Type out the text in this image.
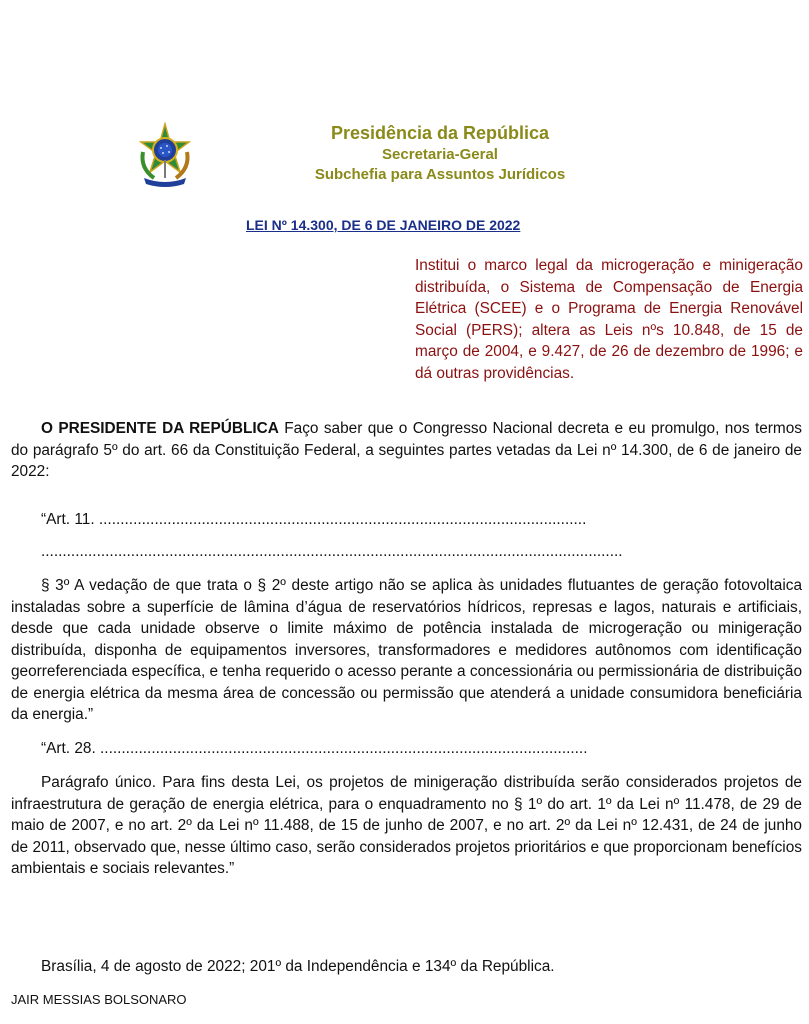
Presidência da República
Secretaria-Geral
Subchefia para Assuntos Jurídicos
LEI Nº 14.300, DE 6 DE JANEIRO DE 2022
Institui o marco legal da microgeração e minigeração distribuída, o Sistema de Compensação de Energia Elétrica (SCEE) e o Programa de Energia Renovável Social (PERS); altera as Leis nºs 10.848, de 15 de março de 2004, e 9.427, de 26 de dezembro de 1996; e dá outras providências.
O PRESIDENTE DA REPÚBLICA Faço saber que o Congresso Nacional decreta e eu promulgo, nos termos do parágrafo 5º do art. 66 da Constituição Federal, a seguintes partes vetadas da Lei nº 14.300, de 6 de janeiro de 2022:
“Art. 11. ..................................................................................................................
........................................................................................................................................
§ 3º A vedação de que trata o § 2º deste artigo não se aplica às unidades flutuantes de geração fotovoltaica instaladas sobre a superfície de lâmina d’água de reservatórios hídricos, represas e lagos, naturais e artificiais, desde que cada unidade observe o limite máximo de potência instalada de microgeração ou minigeração distribuída, disponha de equipamentos inversores, transformadores e medidores autônomos com identificação georreferenciada específica, e tenha requerido o acesso perante a concessionária ou permissionária de distribuição de energia elétrica da mesma área de concessão ou permissão que atenderá a unidade consumidora beneficiária da energia.”
“Art. 28. ..................................................................................................................
Parágrafo único. Para fins desta Lei, os projetos de minigeração distribuída serão considerados projetos de infraestrutura de geração de energia elétrica, para o enquadramento no § 1º do art. 1º da Lei nº 11.478, de 29 de maio de 2007, e no art. 2º da Lei nº 11.488, de 15 de junho de 2007, e no art. 2º da Lei nº 12.431, de 24 de junho de 2011, observado que, nesse último caso, serão considerados projetos prioritários e que proporcionam benefícios ambientais e sociais relevantes.”
Brasília, 4 de agosto de 2022; 201º da Independência e 134º da República.
JAIR MESSIAS BOLSONARO
